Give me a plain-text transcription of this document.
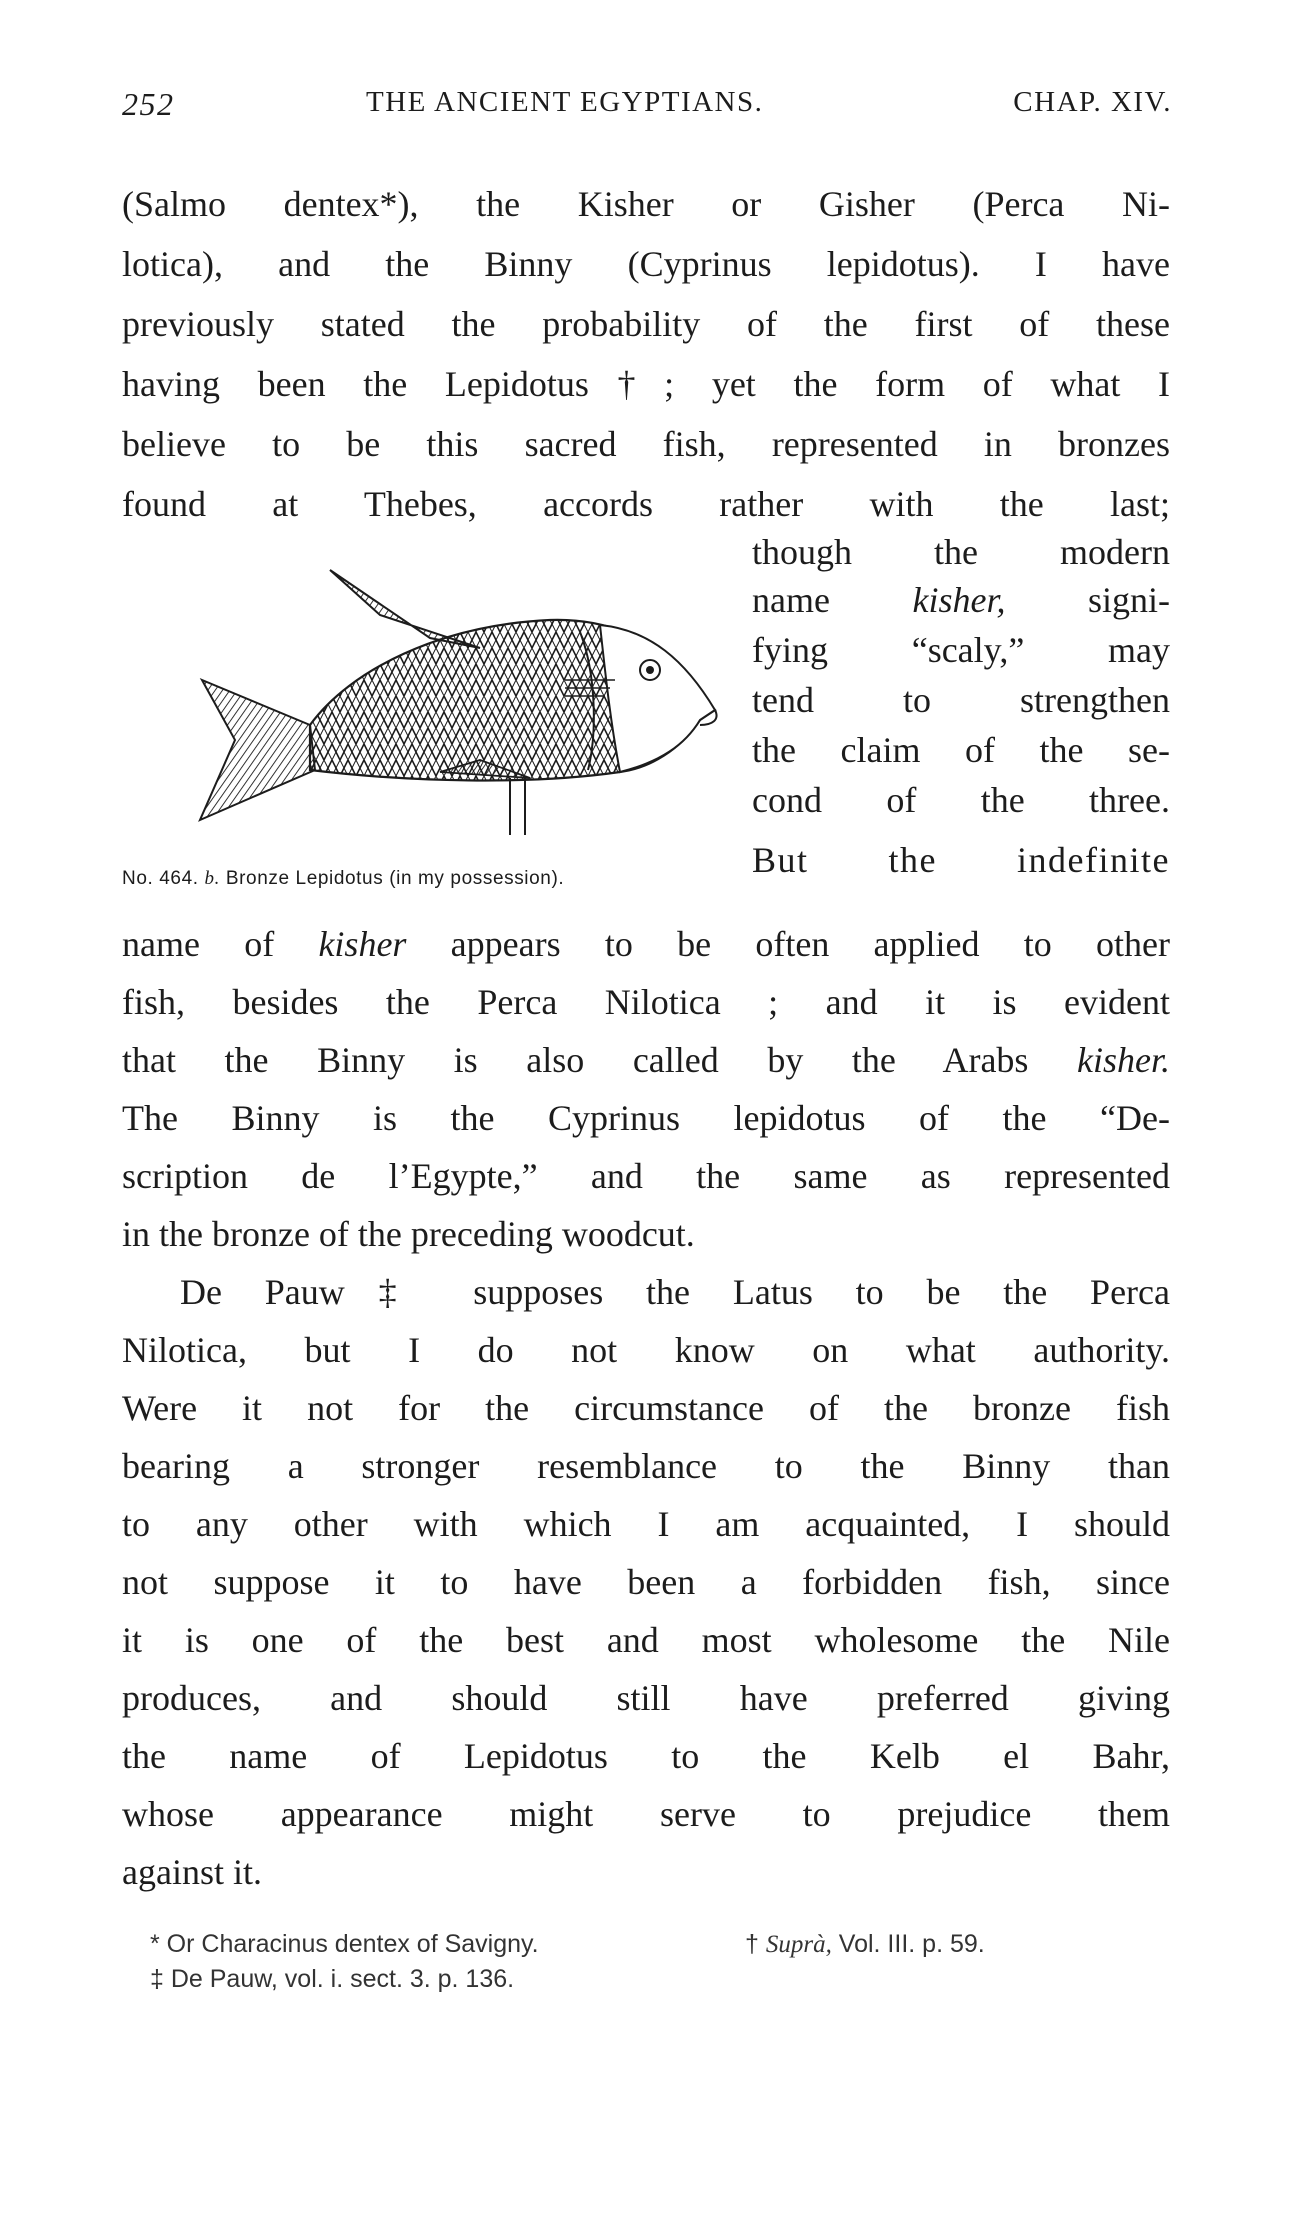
252	THE ANCIENT EGYPTIANS.	CHAP. XIV.
(Salmo dentex*), the Kisher or Gisher (Perca Ni-
lotica), and the Binny (Cyprinus lepidotus). I have
previously stated the probability of the first of these
having been the Lepidotus†; yet the form of what I
believe to be this sacred fish, represented in bronzes
found at Thebes, accords rather with the last;
though the modern
name kisher, signi-
fying “scaly,” may
tend to strengthen
the claim of the se-
cond of the three.
But the indefinite
No. 464. b. Bronze Lepidotus (in my possession).
name of kisher appears to be often applied to other
fish, besides the Perca Nilotica ; and it is evident
that the Binny is also called by the Arabs kisher.
The Binny is the Cyprinus lepidotus of the “De-
scription de l’Egypte,” and the same as represented
in the bronze of the preceding woodcut.
De Pauw‡ supposes the Latus to be the Perca
Nilotica, but I do not know on what authority.
Were it not for the circumstance of the bronze fish
bearing a stronger resemblance to the Binny than
to any other with which I am acquainted, I should
not suppose it to have been a forbidden fish, since
it is one of the best and most wholesome the Nile
produces, and should still have preferred giving
the name of Lepidotus to the Kelb el Bahr,
whose appearance might serve to prejudice them
against it.
* Or Characinus dentex of Savigny.	† Suprà, Vol. III. p. 59.
‡ De Pauw, vol. i. sect. 3. p. 136.
